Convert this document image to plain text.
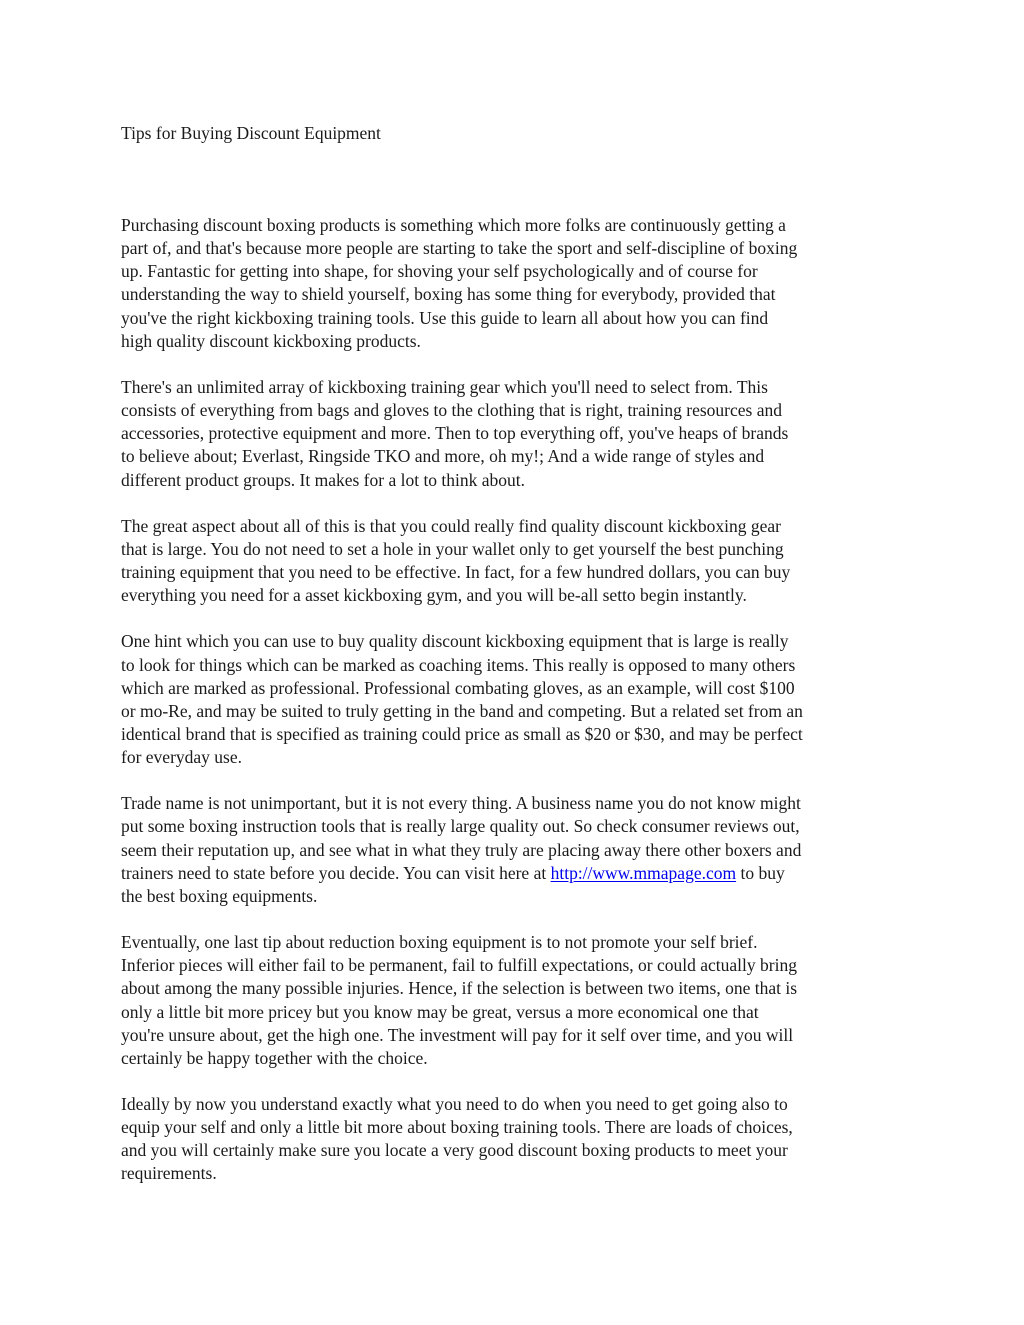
Tips for Buying Discount Equipment
Purchasing discount boxing products is something which more folks are continuously getting a
part of, and that's because more people are starting to take the sport and self-discipline of boxing
up. Fantastic for getting into shape, for shoving your self psychologically and of course for
understanding the way to shield yourself, boxing has some thing for everybody, provided that
you've the right kickboxing training tools. Use this guide to learn all about how you can find
high quality discount kickboxing products.
There's an unlimited array of kickboxing training gear which you'll need to select from. This
consists of everything from bags and gloves to the clothing that is right, training resources and
accessories, protective equipment and more. Then to top everything off, you've heaps of brands
to believe about; Everlast, Ringside TKO and more, oh my!; And a wide range of styles and
different product groups. It makes for a lot to think about.
The great aspect about all of this is that you could really find quality discount kickboxing gear
that is large. You do not need to set a hole in your wallet only to get yourself the best punching
training equipment that you need to be effective. In fact, for a few hundred dollars, you can buy
everything you need for a asset kickboxing gym, and you will be-all setto begin instantly.
One hint which you can use to buy quality discount kickboxing equipment that is large is really
to look for things which can be marked as coaching items. This really is opposed to many others
which are marked as professional. Professional combating gloves, as an example, will cost $100
or mo-Re, and may be suited to truly getting in the band and competing. But a related set from an
identical brand that is specified as training could price as small as $20 or $30, and may be perfect
for everyday use.
Trade name is not unimportant, but it is not every thing. A business name you do not know might
put some boxing instruction tools that is really large quality out. So check consumer reviews out,
seem their reputation up, and see what in what they truly are placing away there other boxers and
trainers need to state before you decide. You can visit here at http://www.mmapage.com to buy
the best boxing equipments.
Eventually, one last tip about reduction boxing equipment is to not promote your self brief.
Inferior pieces will either fail to be permanent, fail to fulfill expectations, or could actually bring
about among the many possible injuries. Hence, if the selection is between two items, one that is
only a little bit more pricey but you know may be great, versus a more economical one that
you're unsure about, get the high one. The investment will pay for it self over time, and you will
certainly be happy together with the choice.
Ideally by now you understand exactly what you need to do when you need to get going also to
equip your self and only a little bit more about boxing training tools. There are loads of choices,
and you will certainly make sure you locate a very good discount boxing products to meet your
requirements.
